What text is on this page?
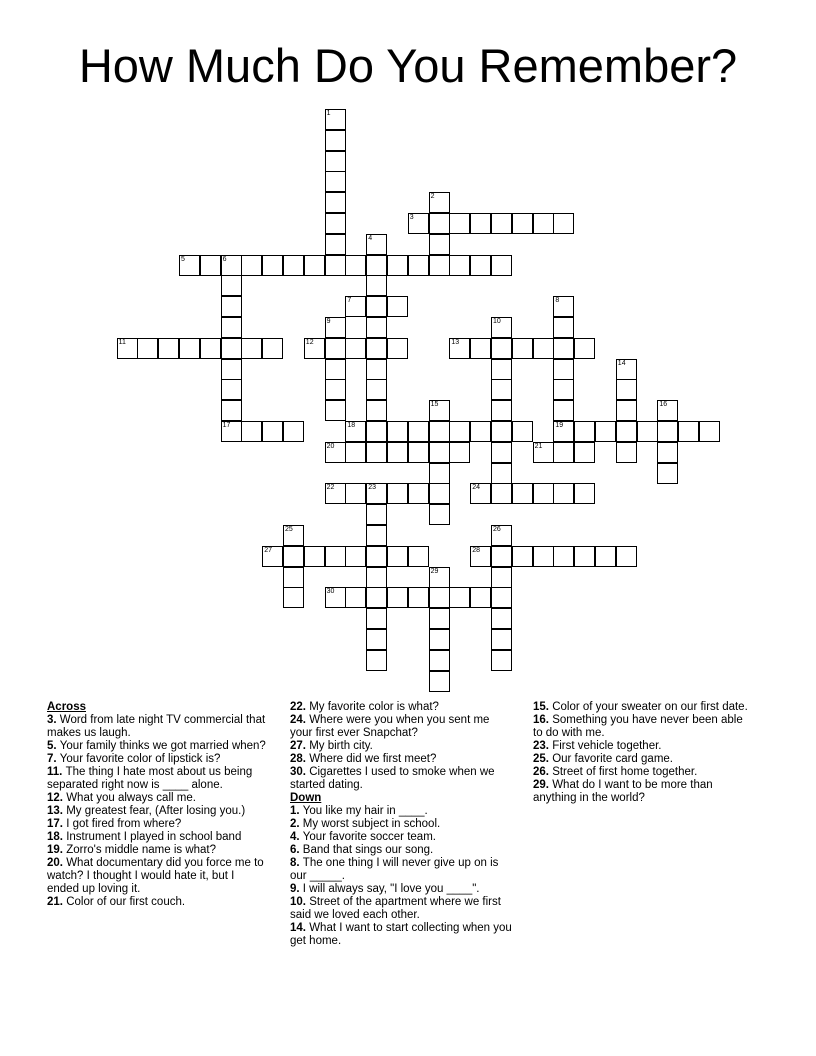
How Much Do You Remember?
1
2
3
4
5	6
7	8
19
9	10
11	12	13
14
15	16
17	18
20	21
22	23	24
25	26
27	28
29
30
Across

3. Word from late night TV commercial that makes us laugh.

5. Your family thinks we got married when?

7. Your favorite color of lipstick is?

11. The thing I hate most about us being separated right now is ____ alone.

12. What you always call me.

13. My greatest fear, (After losing you.)

17. I got fired from where?

18. Instrument I played in school band

19. Zorro's middle name is what?

20. What documentary did you force me to watch? I thought I would hate it, but I ended up loving it.

21. Color of our first couch.

22. My favorite color is what?

24. Where were you when you sent me your first ever Snapchat?

27. My birth city.

28. Where did we first meet?

30. Cigarettes I used to smoke when we started dating.

Down

1. You like my hair in ____.

2. My worst subject in school.

4. Your favorite soccer team.

6. Band that sings our song.

8. The one thing I will never give up on is our _____.

9. I will always say, "I love you ____".

10. Street of the apartment where we first said we loved each other.

14. What I want to start collecting when you get home.

15. Color of your sweater on our first date.

16. Something you have never been able to do with me.

23. First vehicle together.

25. Our favorite card game.

26. Street of first home together.

29. What do I want to be more than anything in the world?
